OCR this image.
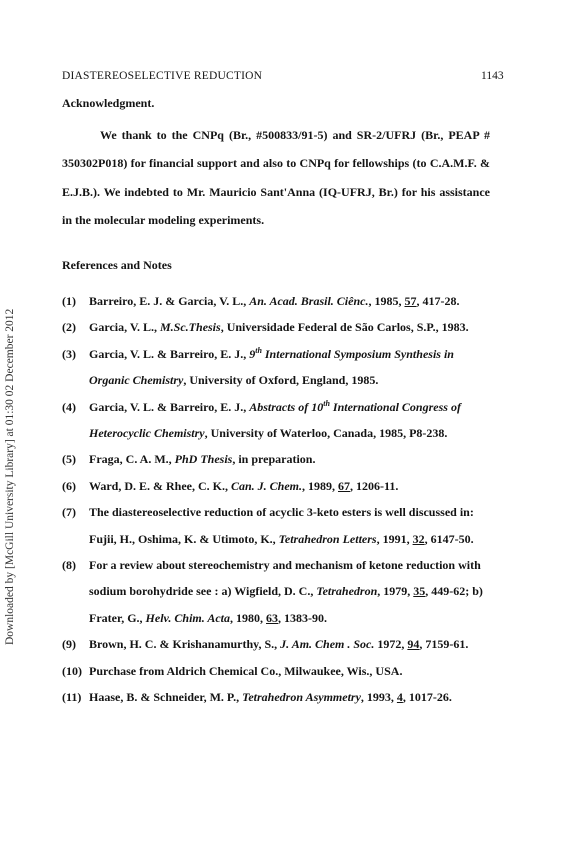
DIASTEREOSELECTIVE REDUCTION	1143
Downloaded by [McGill University Library] at 01:30 02 December 2012
Acknowledgment.
We thank to the CNPq (Br., #500833/91-5) and SR-2/UFRJ (Br., PEAP # 350302P018) for financial support and also to CNPq for fellowships (to C.A.M.F. & E.J.B.). We indebted to Mr. Mauricio Sant'Anna (IQ-UFRJ, Br.) for his assistance in the molecular modeling experiments.
References and Notes
(1) Barreiro, E. J. & Garcia, V. L., An. Acad. Brasil. Ciênc., 1985, 57, 417-28.
(2) Garcia, V. L., M.Sc.Thesis, Universidade Federal de São Carlos, S.P., 1983.
(3) Garcia, V. L. & Barreiro, E. J., 9th International Symposium Synthesis in Organic Chemistry, University of Oxford, England, 1985.
(4) Garcia, V. L. & Barreiro, E. J., Abstracts of 10th International Congress of Heterocyclic Chemistry, University of Waterloo, Canada, 1985, P8-238.
(5) Fraga, C. A. M., PhD Thesis, in preparation.
(6) Ward, D. E. & Rhee, C. K., Can. J. Chem., 1989, 67, 1206-11.
(7) The diastereoselective reduction of acyclic 3-keto esters is well discussed in: Fujii, H., Oshima, K. & Utimoto, K., Tetrahedron Letters, 1991, 32, 6147-50.
(8) For a review about stereochemistry and mechanism of ketone reduction with sodium borohydride see : a) Wigfield, D. C., Tetrahedron, 1979, 35, 449-62; b) Frater, G., Helv. Chim. Acta, 1980, 63, 1383-90.
(9) Brown, H. C. & Krishanamurthy, S., J. Am. Chem . Soc. 1972, 94, 7159-61.
(10) Purchase from Aldrich Chemical Co., Milwaukee, Wis., USA.
(11) Haase, B. & Schneider, M. P., Tetrahedron Asymmetry, 1993, 4, 1017-26.
